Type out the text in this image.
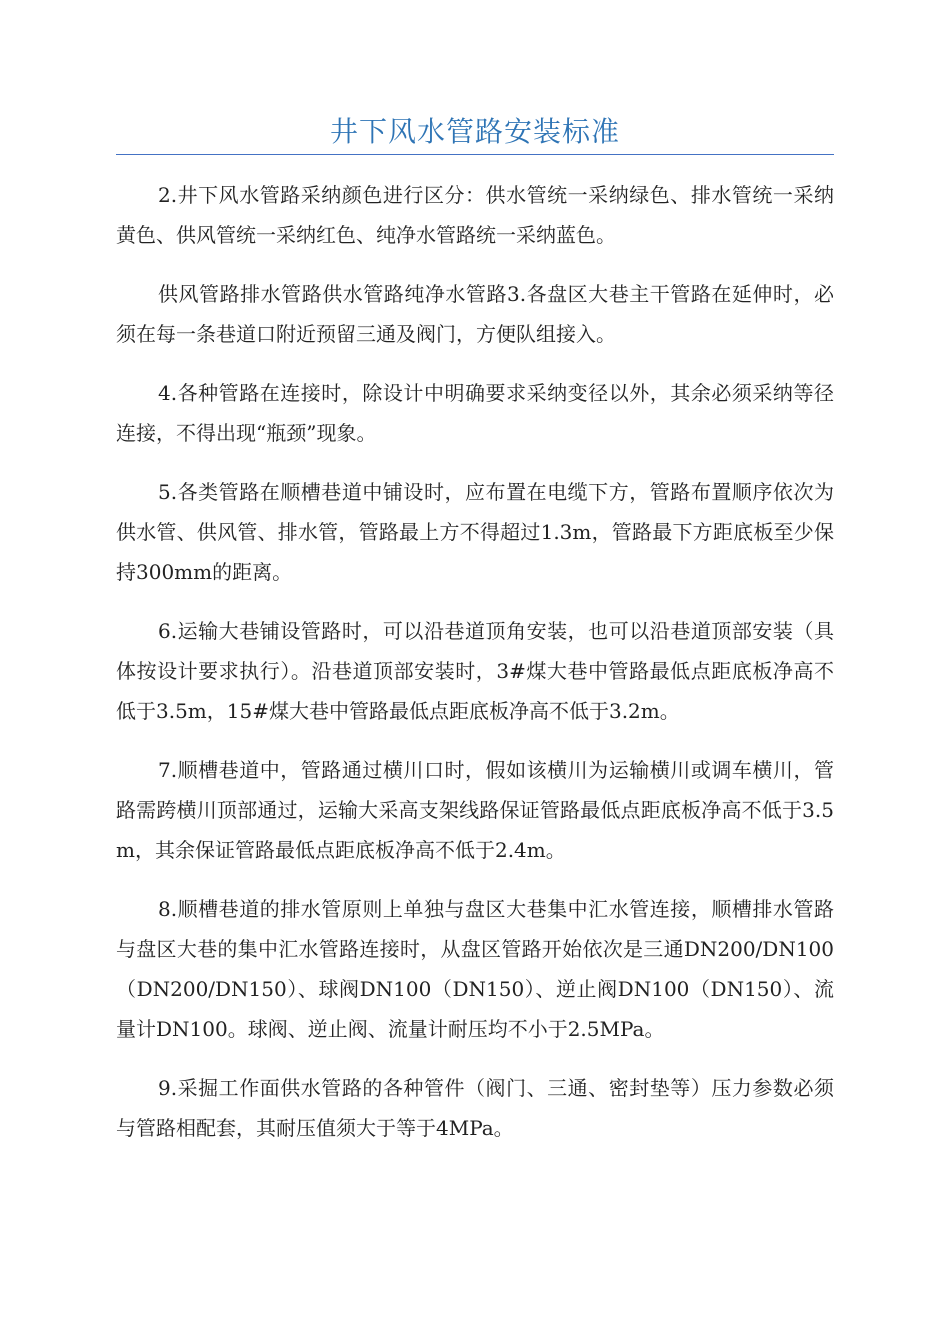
井下风水管路安装标准

2.井下风水管路采纳颜色进行区分：供水管统一采纳绿色、排水管统一采纳黄色、供风管统一采纳红色、纯净水管路统一采纳蓝色。

供风管路排水管路供水管路纯净水管路3.各盘区大巷主干管路在延伸时，必须在每一条巷道口附近预留三通及阀门，方便队组接入。

4.各种管路在连接时，除设计中明确要求采纳变径以外，其余必须采纳等径连接，不得出现“瓶颈”现象。

5.各类管路在顺槽巷道中铺设时，应布置在电缆下方，管路布置顺序依次为供水管、供风管、排水管，管路最上方不得超过1.3m，管路最下方距底板至少保持300mm的距离。

6.运输大巷铺设管路时，可以沿巷道顶角安装，也可以沿巷道顶部安装（具体按设计要求执行）。沿巷道顶部安装时，3#煤大巷中管路最低点距底板净高不低于3.5m，15#煤大巷中管路最低点距底板净高不低于3.2m。

7.顺槽巷道中，管路通过横川口时，假如该横川为运输横川或调车横川，管路需跨横川顶部通过，运输大采高支架线路保证管路最低点距底板净高不低于3.5m，其余保证管路最低点距底板净高不低于2.4m。

8.顺槽巷道的排水管原则上单独与盘区大巷集中汇水管连接，顺槽排水管路与盘区大巷的集中汇水管路连接时，从盘区管路开始依次是三通DN200/DN100（DN200/DN150）、球阀DN100（DN150）、逆止阀DN100（DN150）、流量计DN100。球阀、逆止阀、流量计耐压均不小于2.5MPa。

9.采掘工作面供水管路的各种管件（阀门、三通、密封垫等）压力参数必须与管路相配套，其耐压值须大于等于4MPa。
